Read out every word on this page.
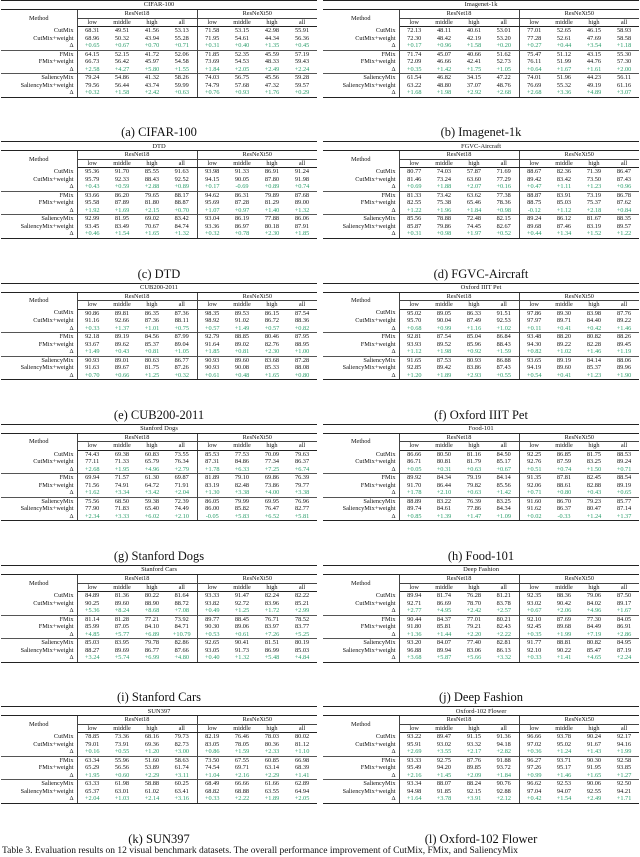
CIFAR-100								
Method	ResNet18				ResNeXt50			
	low	middle	high	all	low	middle	high	all
CutMix	68.31	49.51	41.56	53.13	71.58	53.15	42.98	55.91
CutMix+weight	68.96	50.32	43.94	55.28	71.95	54.61	44.34	56.36
Δ	+0.65	+0.67	+0.70	+0.71	+0.31	+0.40	+1.35	+0.45
FMix	64.15	52.15	41.72	52.06	71.85	52.35	45.59	57.19
FMix+weight	66.73	56.42	45.97	54.58	73.69	54.53	48.33	59.43
Δ	+2.58	+4.27	+5.80	+1.55	+1.84	+2.05	+2.49	+2.24
SaliencyMix	79.24	54.86	41.32	58.26	74.03	56.75	45.56	59.28
SaliencyMix+weight	79.56	56.44	43.74	59.99	74.79	57.68	47.32	59.57
Δ	+0.32	+1.58	+2.42	+0.63	+0.76	+0.93	+1.76	+0.29
(a) CIFAR-100
Imagenet-1k								
Method	ResNet18				ResNeXt50			
	low	middle	high	all	low	middle	high	all
CutMix	72.13	48.11	40.61	53.01	77.01	52.65	46.15	58.93
CutMix+weight	72.30	48.42	42.19	53.20	77.28	52.61	47.69	58.58
Δ	+0.17	+0.96	+1.58	+0.20	+0.27	+0.44	+3.54	+1.18
FMix	71.74	45.07	40.66	51.62	75.47	51.12	43.15	55.30
FMix+weight	72.09	46.66	42.41	52.73	76.11	51.99	44.76	57.30
Δ	+0.35	+1.42	+1.75	+1.05	+0.64	+1.67	+1.61	+2.00
SaliencyMix	61.54	46.82	34.15	47.22	74.01	51.96	44.23	56.11
SaliencyMix+weight	63.22	48.80	37.07	48.76	76.69	55.32	49.19	61.16
Δ	+1.68	+1.98	+2.92	+2.68	+2.68	+3.36	+4.89	+3.07
(b) Imagenet-1k
DTD								
Method	ResNet18				ResNeXt50			
	low	middle	high	all	low	middle	high	all
CutMix	95.36	91.70	85.55	91.63	93.98	91.33	86.91	91.24
CutMix+weight	95.79	92.33	88.43	92.52	94.15	90.05	87.80	91.98
Δ	+0.43	+0.59	+2.88	+0.89	+0.17	-0.69	+0.89	+0.74
FMix	93.66	86.20	79.65	88.17	94.62	86.31	79.89	87.68
FMix+weight	95.58	87.89	81.80	88.87	95.69	87.28	81.29	89.00
Δ	+1.92	+1.69	+2.15	+0.70	+1.07	+0.97	+1.40	+1.32
SaliencyMix	92.99	81.95	69.02	83.42	93.04	86.19	77.88	86.06
SaliencyMix+weight	93.45	83.49	70.67	84.74	93.36	86.97	80.18	87.91
Δ	+0.46	+1.54	+1.65	+1.32	+0.32	+0.78	+2.30	+1.85
(c) DTD
FGVC-Aircraft								
Method	ResNet18				ResNeXt50			
	low	middle	high	all	low	middle	high	all
CutMix	80.77	74.03	57.87	71.69	88.67	82.36	71.39	86.47
CutMix+weight	81.46	73.24	63.60	77.29	89.42	83.42	73.50	87.43
Δ	+0.69	+1.88	+2.07	+0.16	+0.47	+1.11	+1.23	+0.96
FMix	81.33	73.42	63.62	77.38	88.87	83.91	73.19	86.78
FMix+weight	82.55	75.38	65.46	78.36	88.75	85.03	75.37	87.62
Δ	+1.22	+1.96	+1.84	+0.98	-0.12	+1.12	+2.18	+0.84
SaliencyMix	85.56	78.88	72.48	82.15	89.24	86.12	81.67	88.35
SaliencyMix+weight	85.87	79.86	74.45	82.67	89.68	87.46	83.19	89.57
Δ	+0.31	+0.98	+1.97	+0.52	+0.44	+1.34	+1.52	+1.22
(d) FGVC-Aircraft
CUB200-2011								
Method	ResNet18				ResNeXt50			
	low	middle	high	all	low	middle	high	all
CutMix	90.86	89.81	86.35	87.36	98.35	89.53	86.15	87.54
CutMix+weight	91.16	92.66	87.36	88.11	98.92	91.02	86.72	88.36
Δ	+0.33	+1.37	+1.01	+0.75	+0.57	+1.49	+0.57	+0.82
FMix	92.18	89.19	84.56	87.99	92.79	88.85	80.46	87.95
FMix+weight	93.67	89.62	85.37	89.04	91.64	89.02	82.76	88.95
Δ	+1.49	+0.43	+0.81	+1.05	+1.85	+0.81	+2.30	+1.00
SaliencyMix	90.93	89.01	80.63	86.77	90.93	89.60	83.68	87.28
SaliencyMix+weight	91.63	89.67	81.75	87.26	90.93	90.08	85.33	88.08
Δ	+0.70	+0.66	+1.25	+0.32	+0.61	+0.48	+1.65	+0.80
(e) CUB200-2011
Oxford IIIT Pet								
Method	ResNet18				ResNeXt50			
	low	middle	high	all	low	middle	high	all
CutMix	95.02	89.05	86.33	91.51	97.86	89.30	83.98	87.76
CutMix+weight	95.70	90.04	87.49	92.53	97.97	89.71	84.40	89.22
Δ	+0.68	+0.99	+1.16	+1.02	+0.11	+0.41	+0.42	+1.46
FMix	92.81	87.54	85.04	86.84	93.48	88.20	80.82	88.26
FMix+weight	93.93	89.52	85.96	88.43	94.30	89.22	82.28	89.45
Δ	+1.12	+1.98	+0.92	+1.59	+0.82	+1.02	+1.46	+1.19
SaliencyMix	91.65	87.53	80.93	86.88	93.65	89.19	84.14	88.06
SaliencyMix+weight	92.85	89.42	83.86	87.43	94.19	89.60	85.37	89.96
Δ	+1.20	+1.89	+2.93	+0.55	+0.54	+0.41	+1.23	+1.90
(f) Oxford IIIT Pet
Stanford Dogs								
Method	ResNet18				ResNeXt50			
	low	middle	high	all	low	middle	high	all
CutMix	74.43	69.38	60.83	73.55	85.53	77.53	70.09	79.63
CutMix+weight	77.11	71.33	65.79	76.34	87.31	84.86	77.34	86.37
Δ	+2.68	+1.95	+4.96	+2.79	+1.78	+6.33	+7.25	+6.74
FMix	69.94	71.57	61.30	69.87	81.89	79.10	69.86	76.39
FMix+weight	71.56	74.91	64.72	71.91	83.19	82.48	73.86	79.77
Δ	+1.62	+3.34	+3.42	+2.04	+1.30	+3.38	+4.00	+3.38
SaliencyMix	75.56	68.50	59.38	72.39	86.05	79.99	69.95	76.96
SaliencyMix+weight	77.90	71.83	65.40	74.49	86.00	85.82	76.47	82.77
Δ	+2.34	+3.33	+6.02	+2.10	-0.05	+5.83	+6.52	+5.81
(g) Stanford Dogs
Food-101								
Method	ResNet18				ResNeXt50			
	low	middle	high	all	low	middle	high	all
CutMix	86.66	80.50	81.16	84.50	92.25	86.85	81.75	88.53
CutMix+weight	86.71	80.81	81.79	85.17	92.76	87.59	83.25	89.24
Δ	+0.05	+0.31	+0.63	+0.67	+0.51	+0.74	+1.50	+0.71
FMix	89.92	84.34	79.19	84.14	91.35	87.81	82.45	88.54
FMix+weight	91.70	86.44	79.82	85.56	92.06	88.61	82.88	89.19
Δ	+1.78	+2.10	+0.63	+1.42	+0.71	+0.80	+0.43	+0.65
SaliencyMix	88.89	83.22	76.39	83.25	91.60	86.70	79.23	85.77
SaliencyMix+weight	89.74	84.61	77.86	84.34	91.62	86.37	80.47	87.14
Δ	+0.85	+1.39	+1.47	+1.09	+0.02	-0.33	+1.24	+1.37
(h) Food-101
Stanford Cars								
Method	ResNet18				ResNeXt50			
	low	middle	high	all	low	middle	high	all
CutMix	84.89	81.36	80.22	81.64	93.33	91.47	82.24	82.22
CutMix+weight	90.25	89.60	88.90	88.72	93.82	92.72	83.96	85.21
Δ	+5.36	+8.24	+8.68	+7.08	+0.49	+1.25	+1.72	+2.99
FMix	81.14	81.28	77.21	73.92	89.77	88.45	76.71	78.52
FMix+weight	85.99	87.05	84.10	84.71	90.30	89.06	83.97	83.77
Δ	+4.85	+5.77	+6.89	+10.79	+0.53	+0.61	+7.26	+5.25
SaliencyMix	85.03	83.95	79.78	82.86	92.65	90.41	81.51	80.19
SaliencyMix+weight	88.27	89.69	86.77	87.66	93.05	91.73	86.99	85.03
Δ	+3.24	+5.74	+6.99	+4.80	+0.40	+1.32	+5.48	+4.84
(i) Stanford Cars
Deep Fashion								
Method	ResNet18				ResNeXt50			
	low	middle	high	all	low	middle	high	all
CutMix	89.94	81.74	76.28	81.21	92.35	88.36	79.06	87.50
CutMix+weight	92.71	86.69	78.70	83.78	93.02	90.42	84.02	89.17
Δ	+2.77	+4.95	+2.42	+2.57	+0.67	+2.06	+4.96	+1.67
FMix	90.44	84.37	77.01	80.21	92.10	87.69	77.30	84.05
FMix+weight	91.80	85.81	79.21	82.43	92.45	89.68	84.49	86.91
Δ	+1.36	+1.44	+2.20	+2.22	+0.35	+1.99	+7.19	+2.86
SaliencyMix	93.20	84.07	77.40	82.81	91.77	88.81	80.82	84.95
SaliencyMix+weight	96.88	89.94	83.06	86.13	92.10	90.22	85.47	87.19
Δ	+3.68	+5.87	+5.66	+3.32	+0.33	+1.41	+4.65	+2.24
(j) Deep Fashion
SUN397								
Method	ResNet18				ResNeXt50			
	low	middle	high	all	low	middle	high	all
CutMix	78.85	73.36	68.16	79.73	82.19	76.46	78.03	80.02
CutMix+weight	79.01	73.91	69.36	82.73	83.05	78.05	80.36	81.12
Δ	+0.16	+0.55	+1.20	+3.00	+0.86	+1.59	+2.33	+1.10
FMix	63.34	55.96	51.60	58.63	73.50	67.55	60.85	66.98
FMix+weight	65.29	56.56	53.89	61.74	74.54	69.71	63.14	68.39
Δ	+1.95	+0.60	+2.29	+3.11	+1.04	+2.16	+2.29	+1.41
SaliencyMix	63.33	61.98	58.88	60.25	68.49	66.66	61.66	62.89
SaliencyMix+weight	65.37	63.01	61.02	63.41	68.82	68.88	63.55	64.94
Δ	+2.04	+1.03	+2.14	+3.16	+0.33	+2.22	+1.89	+2.05
(k) SUN397
Oxford-102 Flower								
Method	ResNet18				ResNeXt50			
	low	middle	high	all	low	middle	high	all
CutMix	93.22	89.47	91.15	91.36	96.66	93.78	90.24	92.17
CutMix+weight	95.91	93.02	93.32	94.18	97.02	95.02	91.67	94.16
Δ	+2.69	+3.55	+2.17	+2.82	+0.36	+1.24	+1.43	+1.99
FMix	93.33	92.75	87.76	91.88	96.27	93.71	90.30	92.58
FMix+weight	95.49	94.20	89.85	93.72	97.26	95.17	91.95	93.85
Δ	+2.16	+1.45	+2.09	+1.84	+0.99	+1.46	+1.65	+1.27
SaliencyMix	93.34	88.07	88.24	90.76	96.62	92.53	90.06	92.50
SaliencyMix+weight	94.98	91.85	92.15	92.88	97.04	94.07	92.55	94.21
Δ	+1.64	+3.78	+3.91	+2.12	+0.42	+1.54	+2.49	+1.71
(l) Oxford-102 Flower
Table 3. Evaluation results on 12 visual benchmark datasets. The overall performance improvement of CutMix, FMix, and SaliencyMix
